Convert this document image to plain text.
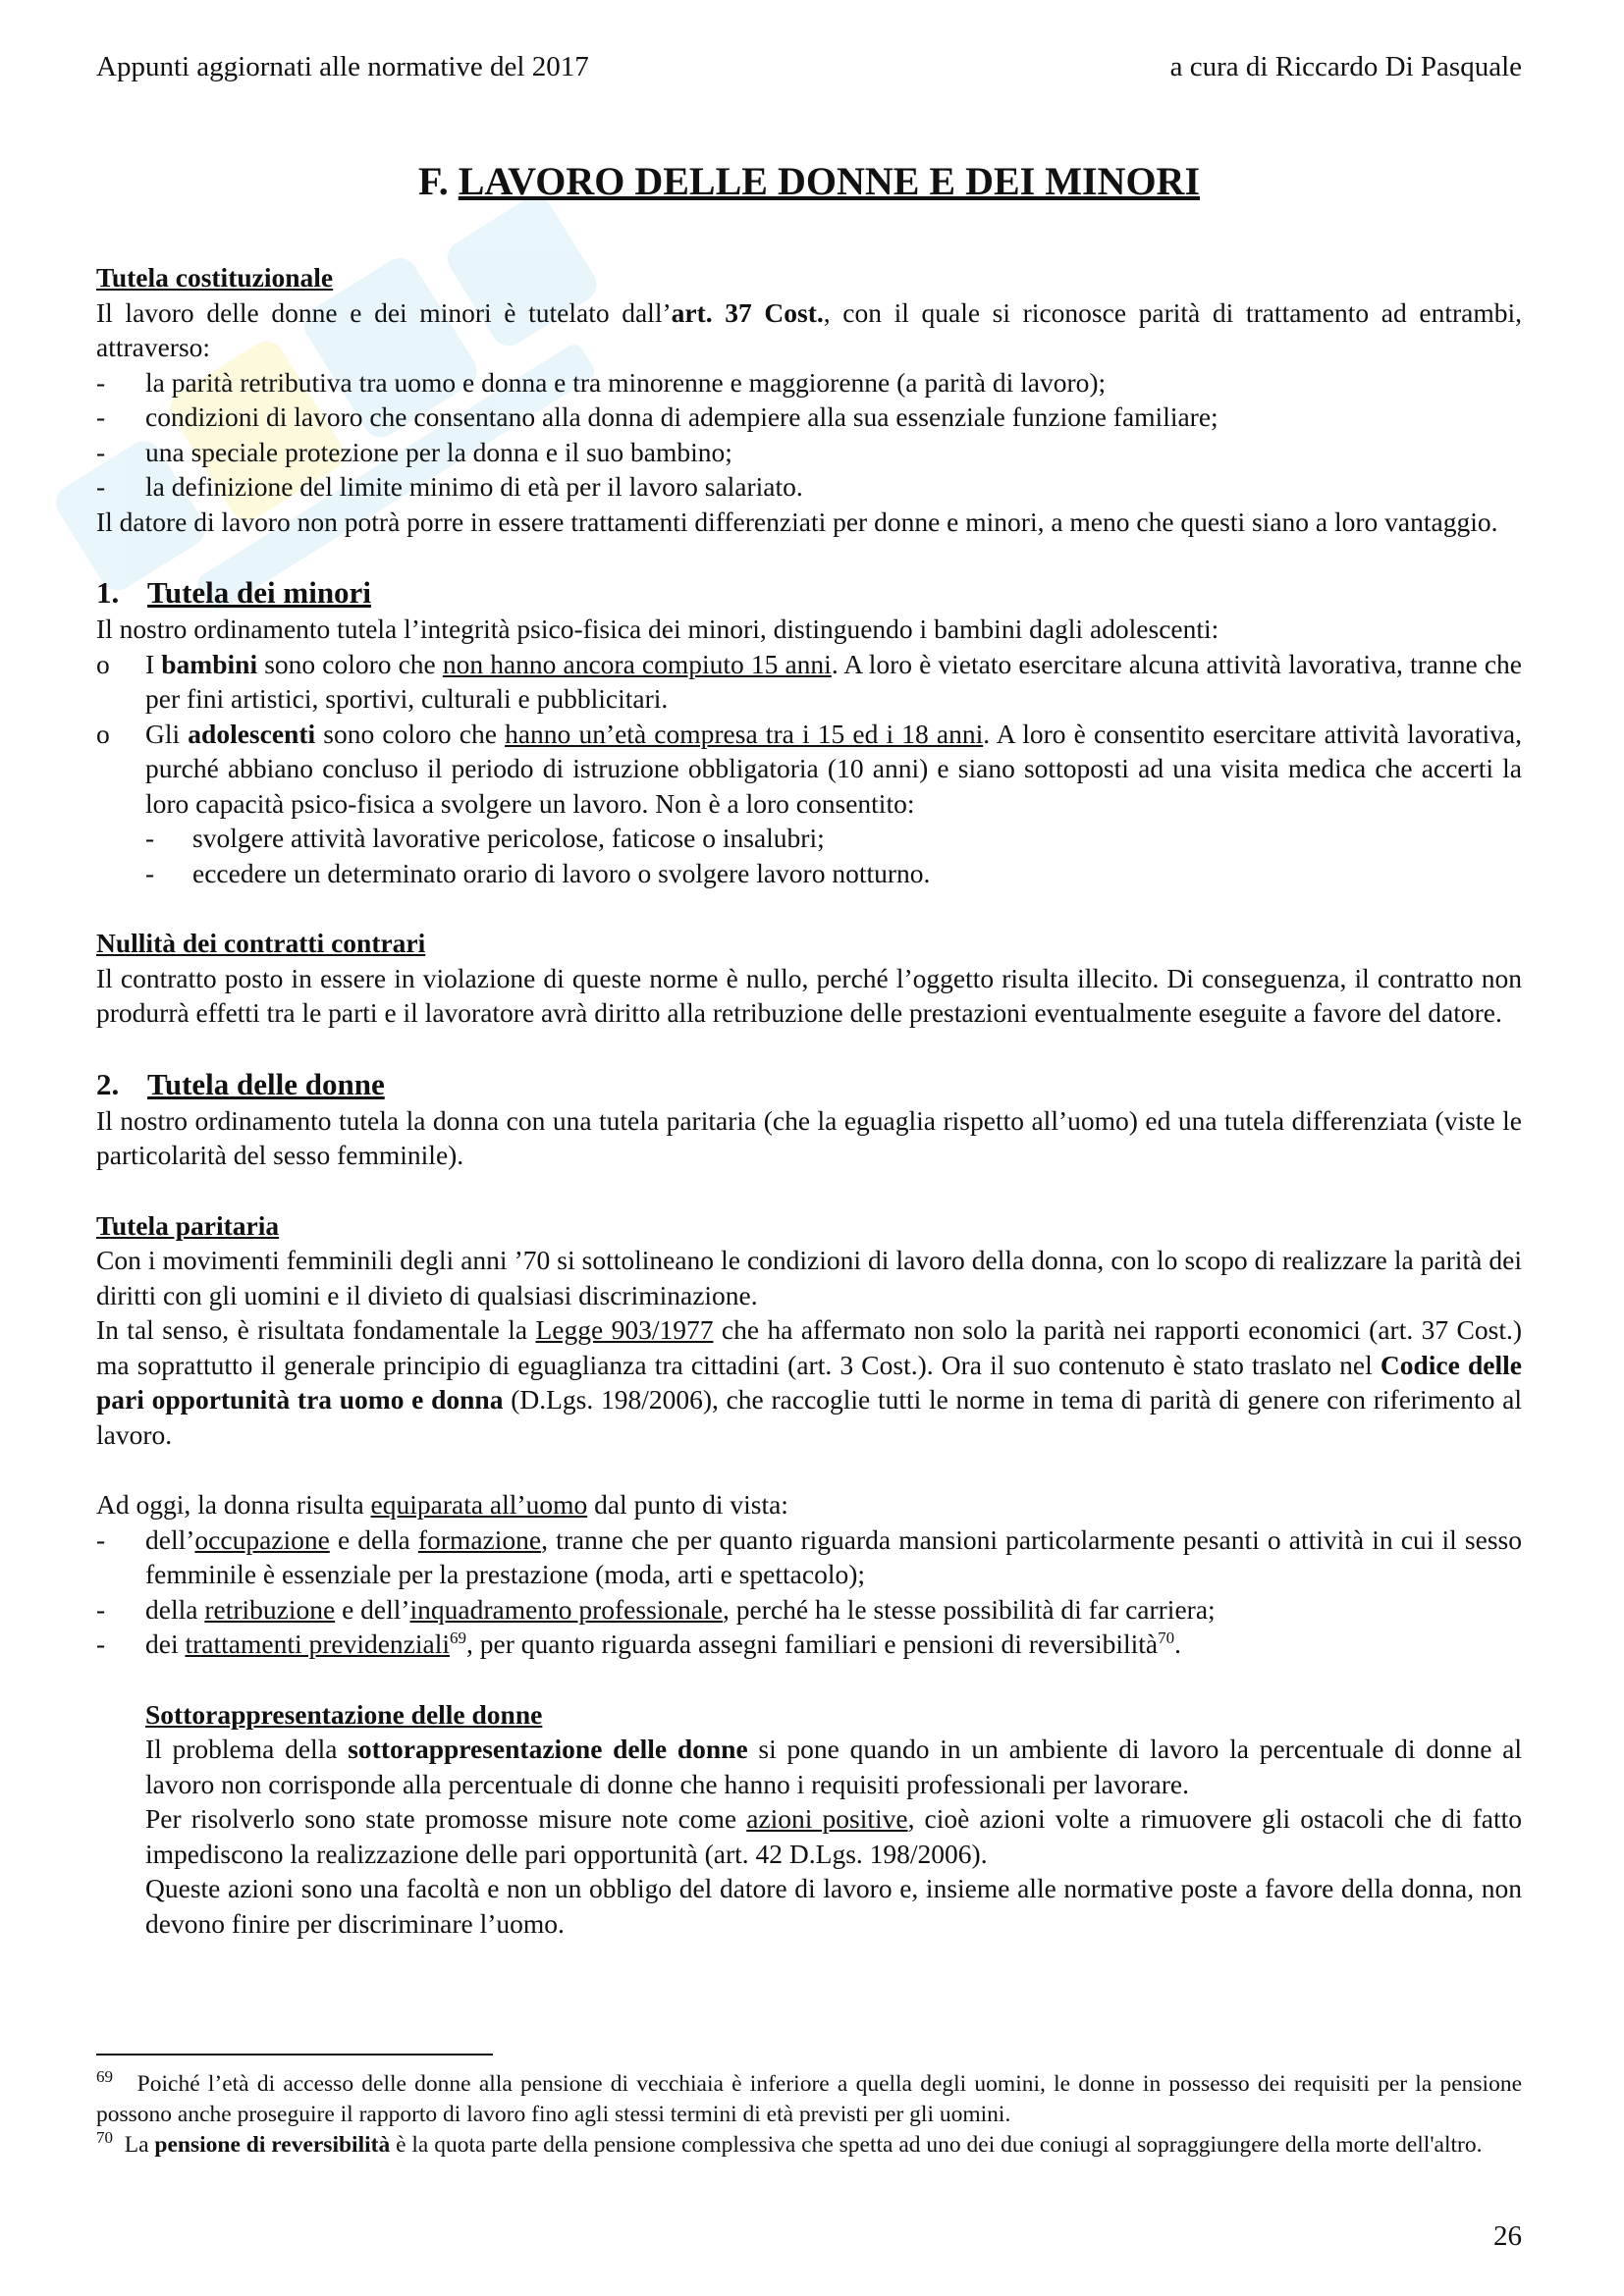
Appunti aggiornati alle normative del 2017	a cura di Riccardo Di Pasquale
F. LAVORO DELLE DONNE E DEI MINORI

Tutela costituzionale

Il lavoro delle donne e dei minori è tutelato dall’art. 37 Cost., con il quale si riconosce parità di trattamento ad entrambi, attraverso:

-	la parità retributiva tra uomo e donna e tra minorenne e maggiorenne (a parità di lavoro);
-	condizioni di lavoro che consentano alla donna di adempiere alla sua essenziale funzione familiare;
-	una speciale protezione per la donna e il suo bambino;
-	la definizione del limite minimo di età per il lavoro salariato.

Il datore di lavoro non potrà porre in essere trattamenti differenziati per donne e minori, a meno che questi siano a loro vantaggio.

1. Tutela dei minori

Il nostro ordinamento tutela l’integrità psico-fisica dei minori, distinguendo i bambini dagli adolescenti:

o	I bambini sono coloro che non hanno ancora compiuto 15 anni. A loro è vietato esercitare alcuna attività lavorativa, tranne che per fini artistici, sportivi, culturali e pubblicitari.
o	Gli adolescenti sono coloro che hanno un’età compresa tra i 15 ed i 18 anni. A loro è consentito esercitare attività lavorativa, purché abbiano concluso il periodo di istruzione obbligatoria (10 anni) e siano sottoposti ad una visita medica che accerti la loro capacità psico-fisica a svolgere un lavoro. Non è a loro consentito:
-	svolgere attività lavorative pericolose, faticose o insalubri;
-	eccedere un determinato orario di lavoro o svolgere lavoro notturno.

Nullità dei contratti contrari

Il contratto posto in essere in violazione di queste norme è nullo, perché l’oggetto risulta illecito. Di conseguenza, il contratto non produrrà effetti tra le parti e il lavoratore avrà diritto alla retribuzione delle prestazioni eventualmente eseguite a favore del datore.

2. Tutela delle donne

Il nostro ordinamento tutela la donna con una tutela paritaria (che la eguaglia rispetto all’uomo) ed una tutela differenziata (viste le particolarità del sesso femminile).

Tutela paritaria

Con i movimenti femminili degli anni ’70 si sottolineano le condizioni di lavoro della donna, con lo scopo di realizzare la parità dei diritti con gli uomini e il divieto di qualsiasi discriminazione.

In tal senso, è risultata fondamentale la Legge 903/1977 che ha affermato non solo la parità nei rapporti economici (art. 37 Cost.) ma soprattutto il generale principio di eguaglianza tra cittadini (art. 3 Cost.). Ora il suo contenuto è stato traslato nel Codice delle pari opportunità tra uomo e donna (D.Lgs. 198/2006), che raccoglie tutti le norme in tema di parità di genere con riferimento al lavoro.

Ad oggi, la donna risulta equiparata all’uomo dal punto di vista:

-	dell’occupazione e della formazione, tranne che per quanto riguarda mansioni particolarmente pesanti o attività in cui il sesso femminile è essenziale per la prestazione (moda, arti e spettacolo);
-	della retribuzione e dell’inquadramento professionale, perché ha le stesse possibilità di far carriera;
-	dei trattamenti previdenziali$^{69}$, per quanto riguarda assegni familiari e pensioni di reversibilità$^{70}$.

Sottorappresentazione delle donne

Il problema della sottorappresentazione delle donne si pone quando in un ambiente di lavoro la percentuale di donne al lavoro non corrisponde alla percentuale di donne che hanno i requisiti professionali per lavorare.

Per risolverlo sono state promosse misure note come azioni positive, cioè azioni volte a rimuovere gli ostacoli che di fatto impediscono la realizzazione delle pari opportunità (art. 42 D.Lgs. 198/2006).

Queste azioni sono una facoltà e non un obbligo del datore di lavoro e, insieme alle normative poste a favore della donna, non devono finire per discriminare l’uomo.

$^{69}$ Poiché l’età di accesso delle donne alla pensione di vecchiaia è inferiore a quella degli uomini, le donne in possesso dei requisiti per la pensione possono anche proseguire il rapporto di lavoro fino agli stessi termini di età previsti per gli uomini.

$^{70}$ La pensione di reversibilità è la quota parte della pensione complessiva che spetta ad uno dei due coniugi al sopraggiungere della morte dell'altro.

26
